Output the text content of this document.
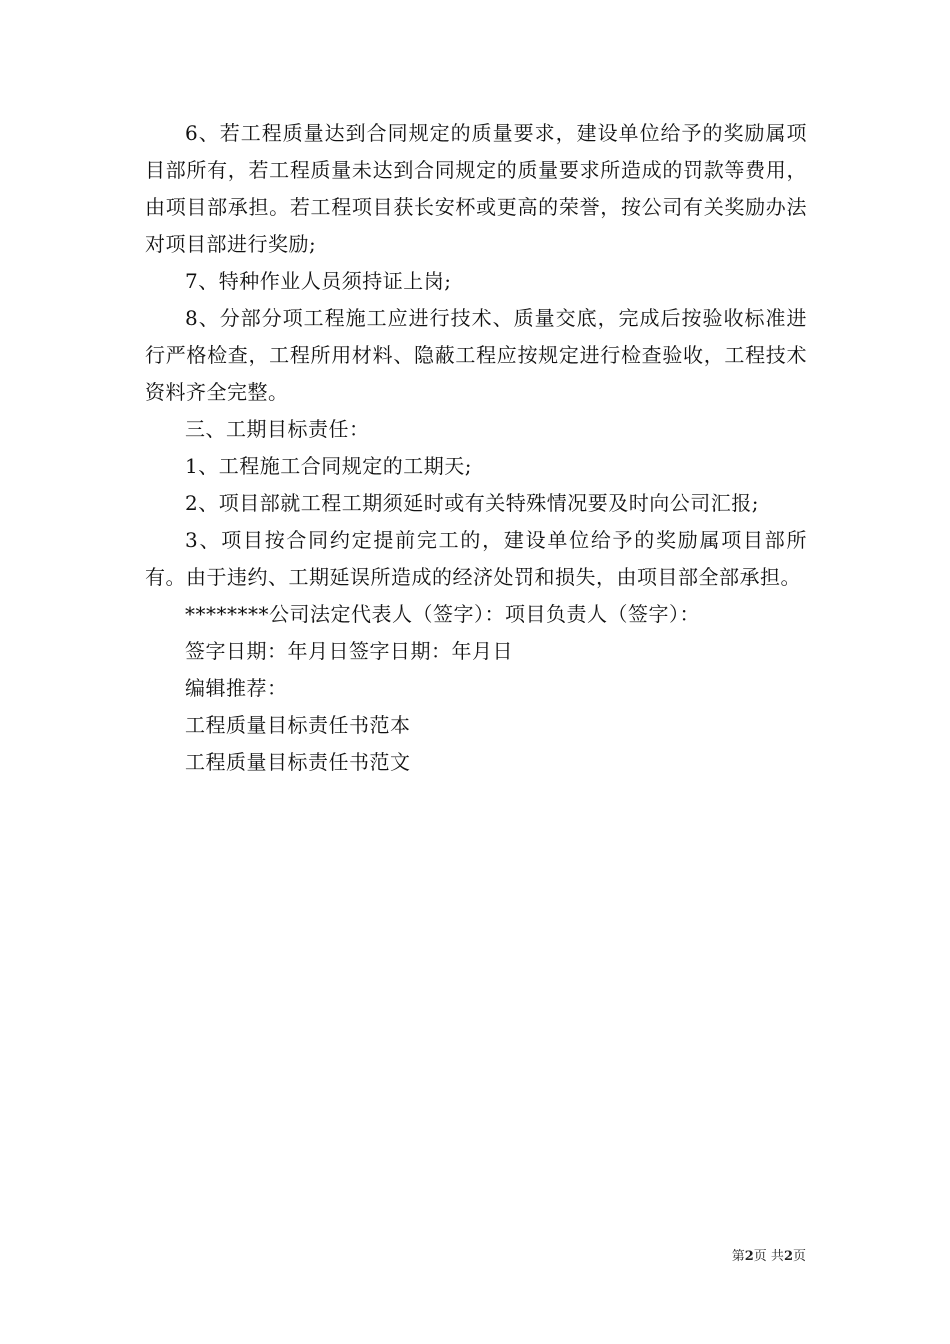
6、若工程质量达到合同规定的质量要求，建设单位给予的奖励属项目部所有，若工程质量未达到合同规定的质量要求所造成的罚款等费用，由项目部承担。若工程项目获长安杯或更高的荣誉，按公司有关奖励办法对项目部进行奖励;

7、特种作业人员须持证上岗;

8、分部分项工程施工应进行技术、质量交底，完成后按验收标准进行严格检查，工程所用材料、隐蔽工程应按规定进行检查验收，工程技术资料齐全完整。

三、工期目标责任：

1、工程施工合同规定的工期天;

2、项目部就工程工期须延时或有关特殊情况要及时向公司汇报;

3、项目按合同约定提前完工的，建设单位给予的奖励属项目部所有。由于违约、工期延误所造成的经济处罚和损失，由项目部全部承担。

********公司法定代表人（签字）：项目负责人（签字）：

签字日期：年月日签字日期：年月日

编辑推荐：

工程质量目标责任书范本

工程质量目标责任书范文

第2页 共2页
